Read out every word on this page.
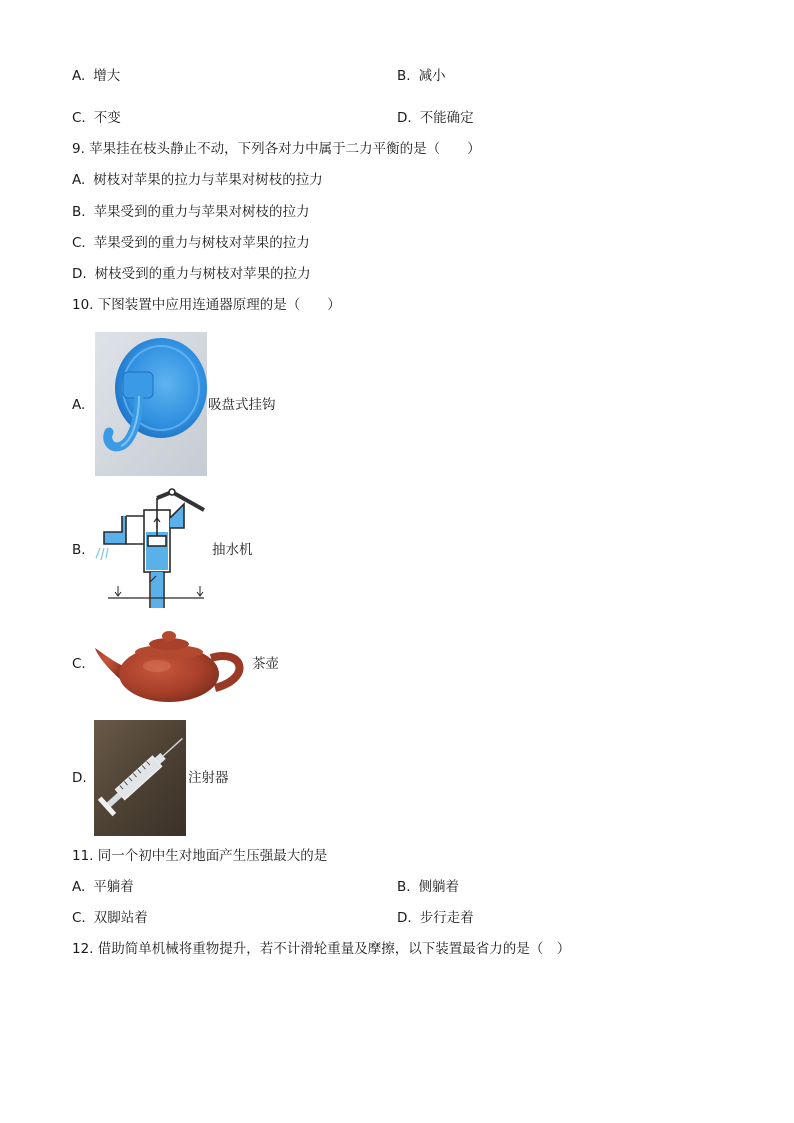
A. 增大	B. 减小
C. 不变	D. 不能确定
9. 苹果挂在枝头静止不动，下列各对力中属于二力平衡的是（　　）
A. 树枝对苹果的拉力与苹果对树枝的拉力
B. 苹果受到的重力与苹果对树枝的拉力
C. 苹果受到的重力与树枝对苹果的拉力
D. 树枝受到的重力与树枝对苹果的拉力
10. 下图装置中应用连通器原理的是（　　）
A.	吸盘式挂钩
B.	抽水机
C.	茶壶
D.	注射器
11. 同一个初中生对地面产生压强最大的是
A. 平躺着	B. 侧躺着
C. 双脚站着	D. 步行走着
12. 借助简单机械将重物提升，若不计滑轮重量及摩擦，以下装置最省力的是（　）
